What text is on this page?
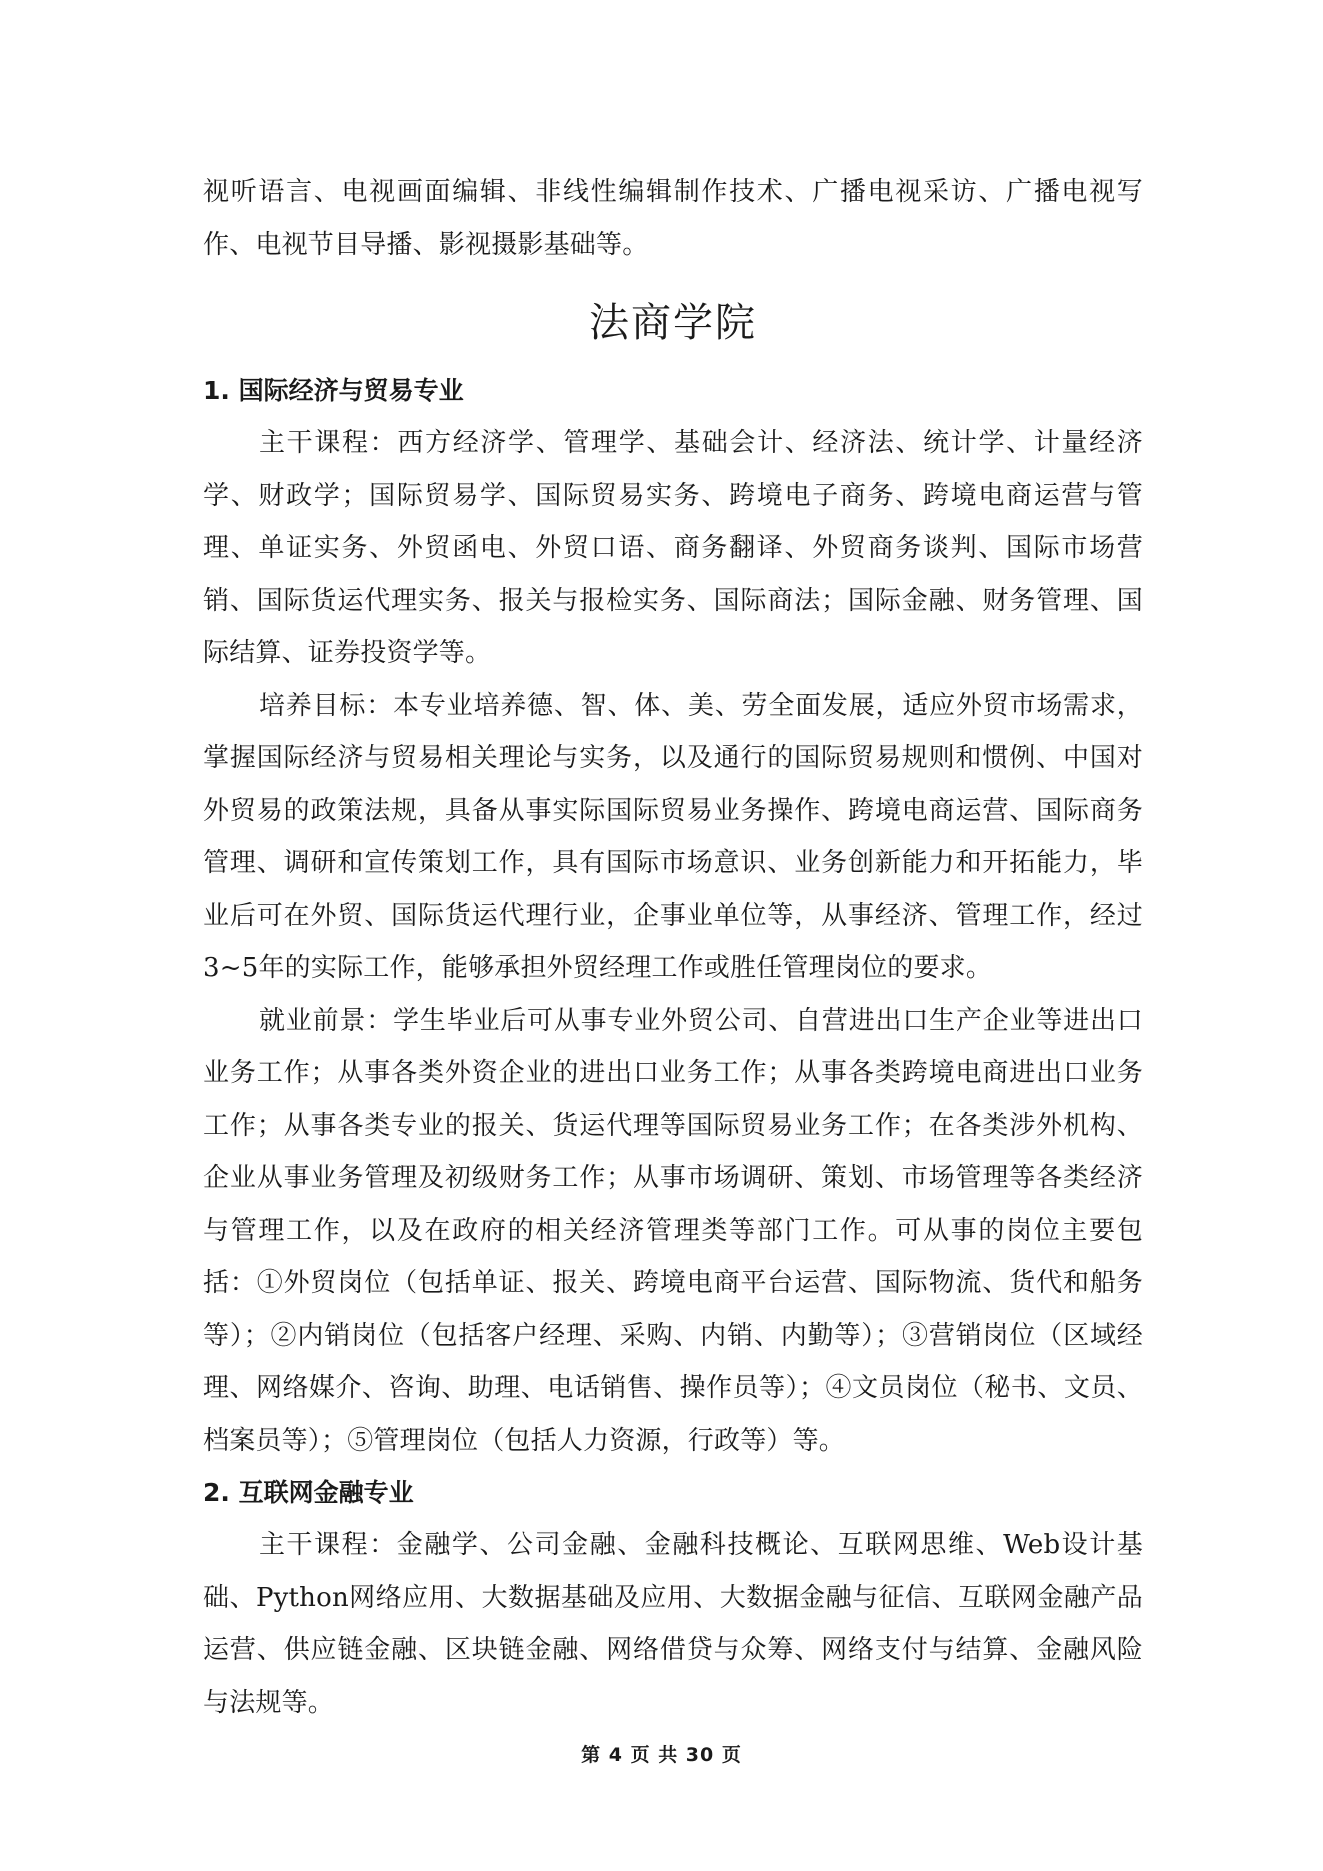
视听语言、电视画面编辑、非线性编辑制作技术、广播电视采访、广播电视写作、电视节目导播、影视摄影基础等。

法商学院
1. 国际经济与贸易专业

主干课程：西方经济学、管理学、基础会计、经济法、统计学、计量经济学、财政学；国际贸易学、国际贸易实务、跨境电子商务、跨境电商运营与管理、单证实务、外贸函电、外贸口语、商务翻译、外贸商务谈判、国际市场营销、国际货运代理实务、报关与报检实务、国际商法；国际金融、财务管理、国际结算、证券投资学等。

培养目标：本专业培养德、智、体、美、劳全面发展，适应外贸市场需求，掌握国际经济与贸易相关理论与实务，以及通行的国际贸易规则和惯例、中国对外贸易的政策法规，具备从事实际国际贸易业务操作、跨境电商运营、国际商务管理、调研和宣传策划工作，具有国际市场意识、业务创新能力和开拓能力，毕业后可在外贸、国际货运代理行业，企事业单位等，从事经济、管理工作，经过3~5年的实际工作，能够承担外贸经理工作或胜任管理岗位的要求。

就业前景：学生毕业后可从事专业外贸公司、自营进出口生产企业等进出口业务工作；从事各类外资企业的进出口业务工作；从事各类跨境电商进出口业务工作；从事各类专业的报关、货运代理等国际贸易业务工作；在各类涉外机构、企业从事业务管理及初级财务工作；从事市场调研、策划、市场管理等各类经济与管理工作，以及在政府的相关经济管理类等部门工作。可从事的岗位主要包括：①外贸岗位（包括单证、报关、跨境电商平台运营、国际物流、货代和船务等）；②内销岗位（包括客户经理、采购、内销、内勤等）；③营销岗位（区域经理、网络媒介、咨询、助理、电话销售、操作员等）；④文员岗位（秘书、文员、档案员等）；⑤管理岗位（包括人力资源，行政等）等。

2. 互联网金融专业

主干课程：金融学、公司金融、金融科技概论、互联网思维、Web设计基础、Python网络应用、大数据基础及应用、大数据金融与征信、互联网金融产品运营、供应链金融、区块链金融、网络借贷与众筹、网络支付与结算、金融风险与法规等。

第 4 页 共 30 页
